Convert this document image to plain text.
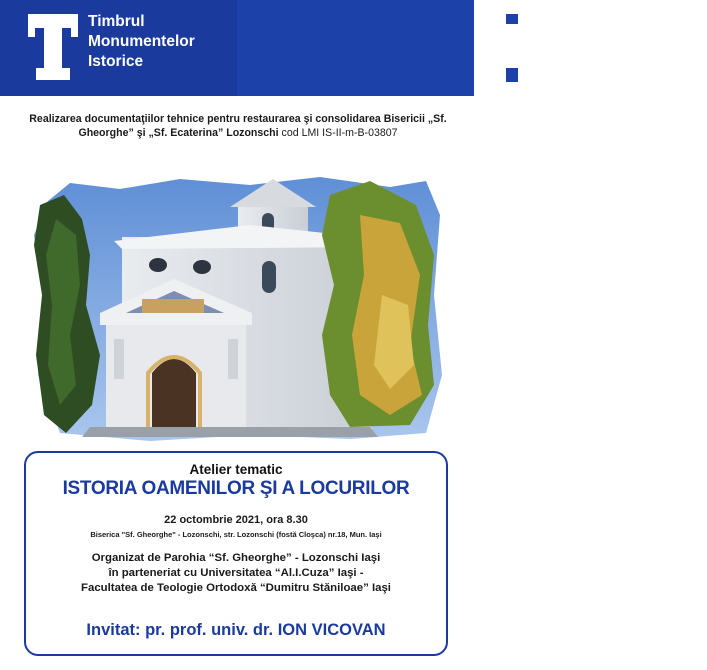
Timbrul
Monumentelor
Istorice
Institutul Național al
Patrimoniului
Ministerul Culturii
Realizarea documentaţiilor tehnice pentru restaurarea şi consolidarea Bisericii „Sf. Gheorghe” şi „Sf. Ecaterina” Lozonschi cod LMI IS-II-m-B-03807
Atelier tematic
ISTORIA OAMENILOR ŞI A LOCURILOR
22 octombrie 2021, ora 8.30
Biserica "Sf. Gheorghe" - Lozonschi, str. Lozonschi (fostă Cloşca) nr.18, Mun. Iaşi
Organizat de Parohia “Sf. Gheorghe” - Lozonschi Iaşi
în parteneriat cu Universitatea “Al.I.Cuza” Iaşi -
Facultatea de Teologie Ortodoxă “Dumitru Stăniloae” Iaşi
Invitat: pr. prof. univ. dr. ION VICOVAN
